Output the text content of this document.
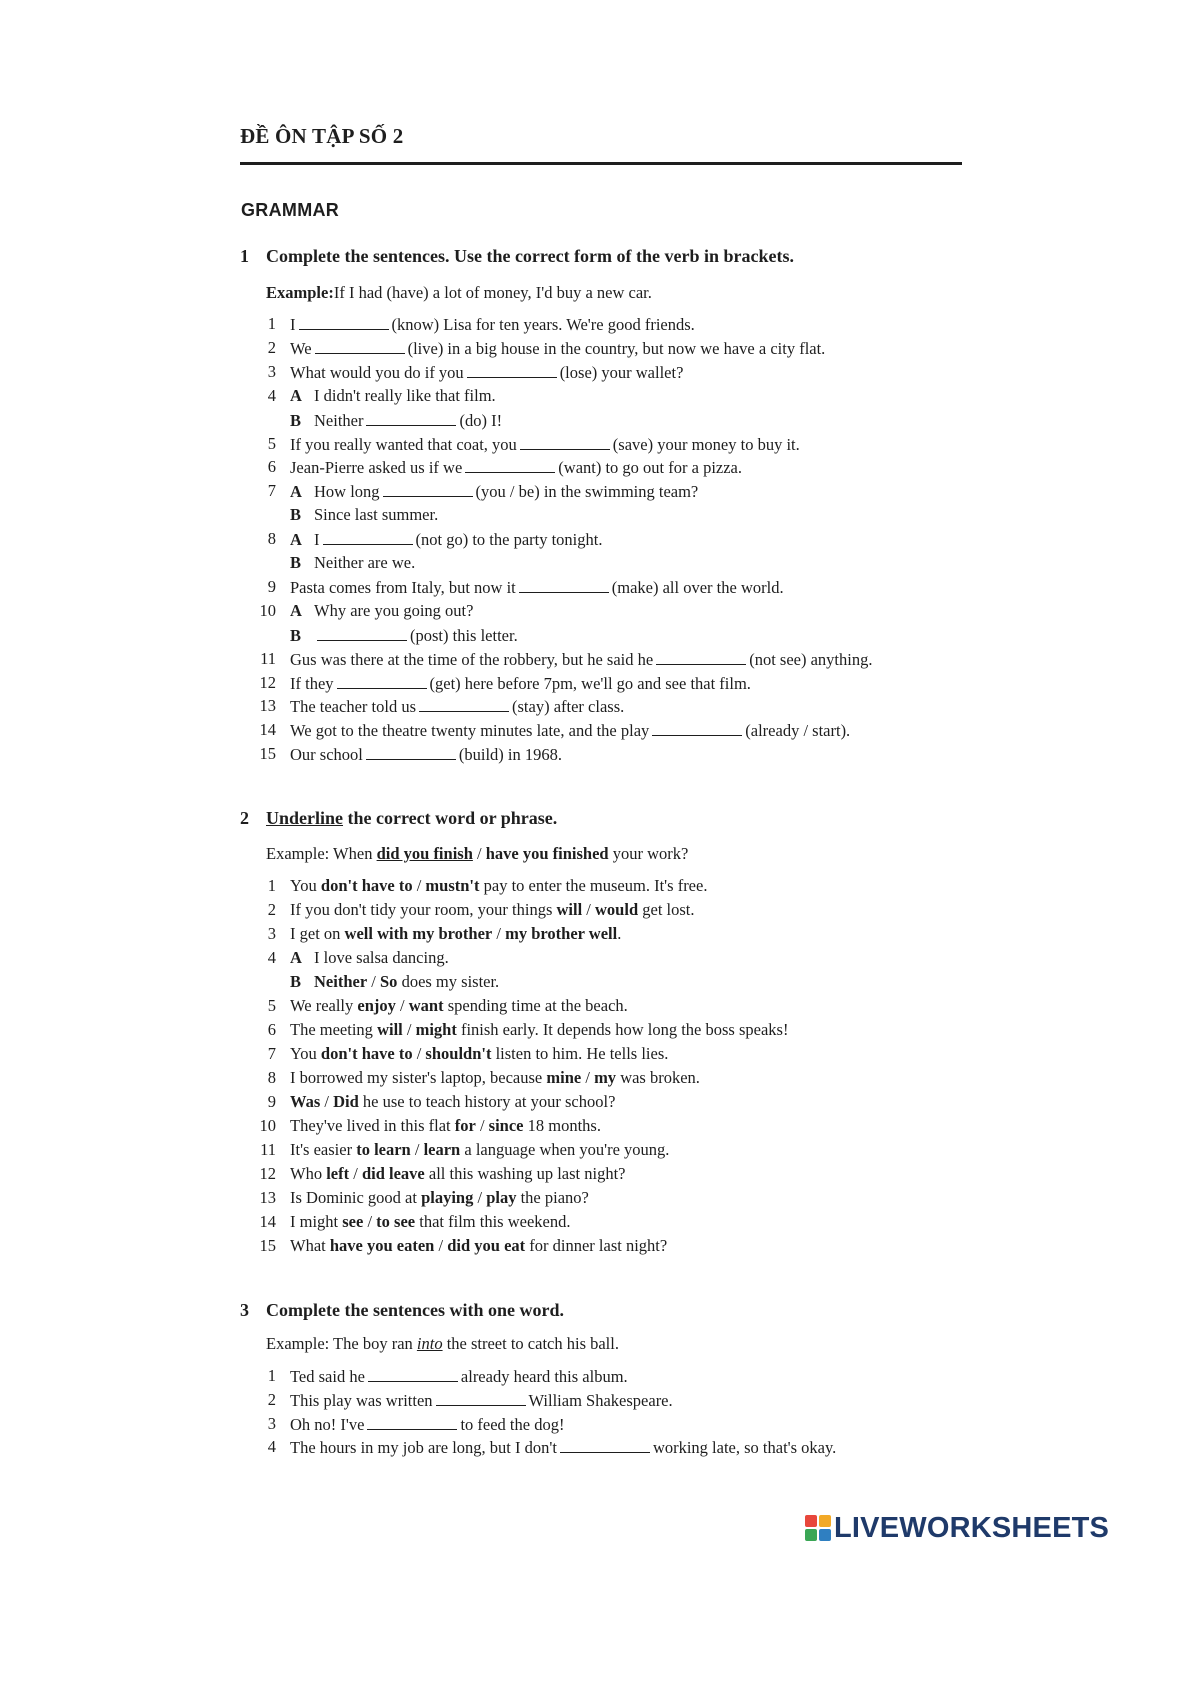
ĐỀ ÔN TẬP SỐ 2
GRAMMAR
1 Complete the sentences. Use the correct form of the verb in brackets.
Example:If I had (have) a lot of money, I'd buy a new car.
1 I	(know) Lisa for ten years. We're good friends.
2 We	(live) in a big house in the country, but now we have a city flat.
3 What would you do if you	(lose) your wallet?
4 A I didn't really like that film.
B Neither	(do) I!
5 If you really wanted that coat, you	(save) your money to buy it.
6 Jean-Pierre asked us if we	(want) to go out for a pizza.
7 A How long	(you / be) in the swimming team?
B Since last summer.
8 A I	(not go) to the party tonight.
B Neither are we.
9 Pasta comes from Italy, but now it	(make) all over the world.
10 A Why are you going out?
B	(post) this letter.
11 Gus was there at the time of the robbery, but he said he	(not see) anything.
12 If they	(get) here before 7pm, we'll go and see that film.
13 The teacher told us	(stay) after class.
14 We got to the theatre twenty minutes late, and the play	(already / start).
15 Our school	(build) in 1968.
2 Underline the correct word or phrase.
Example: When did you finish / have you finished your work?
1 You don't have to / mustn't pay to enter the museum. It's free.
2 If you don't tidy your room, your things will / would get lost.
3 I get on well with my brother / my brother well.
4 A I love salsa dancing.
B Neither / So does my sister.
5 We really enjoy / want spending time at the beach.
6 The meeting will / might finish early. It depends how long the boss speaks!
7 You don't have to / shouldn't listen to him. He tells lies.
8 I borrowed my sister's laptop, because mine / my was broken.
9 Was / Did he use to teach history at your school?
10 They've lived in this flat for / since 18 months.
11 It's easier to learn / learn a language when you're young.
12 Who left / did leave all this washing up last night?
13 Is Dominic good at playing / play the piano?
14 I might see / to see that film this weekend.
15 What have you eaten / did you eat for dinner last night?
3 Complete the sentences with one word.
Example: The boy ran into the street to catch his ball.
1 Ted said he	already heard this album.
2 This play was written	William Shakespeare.
3 Oh no! I've	to feed the dog!
4 The hours in my job are long, but I don't	working late, so that's okay.
LIVEWORKSHEETS
